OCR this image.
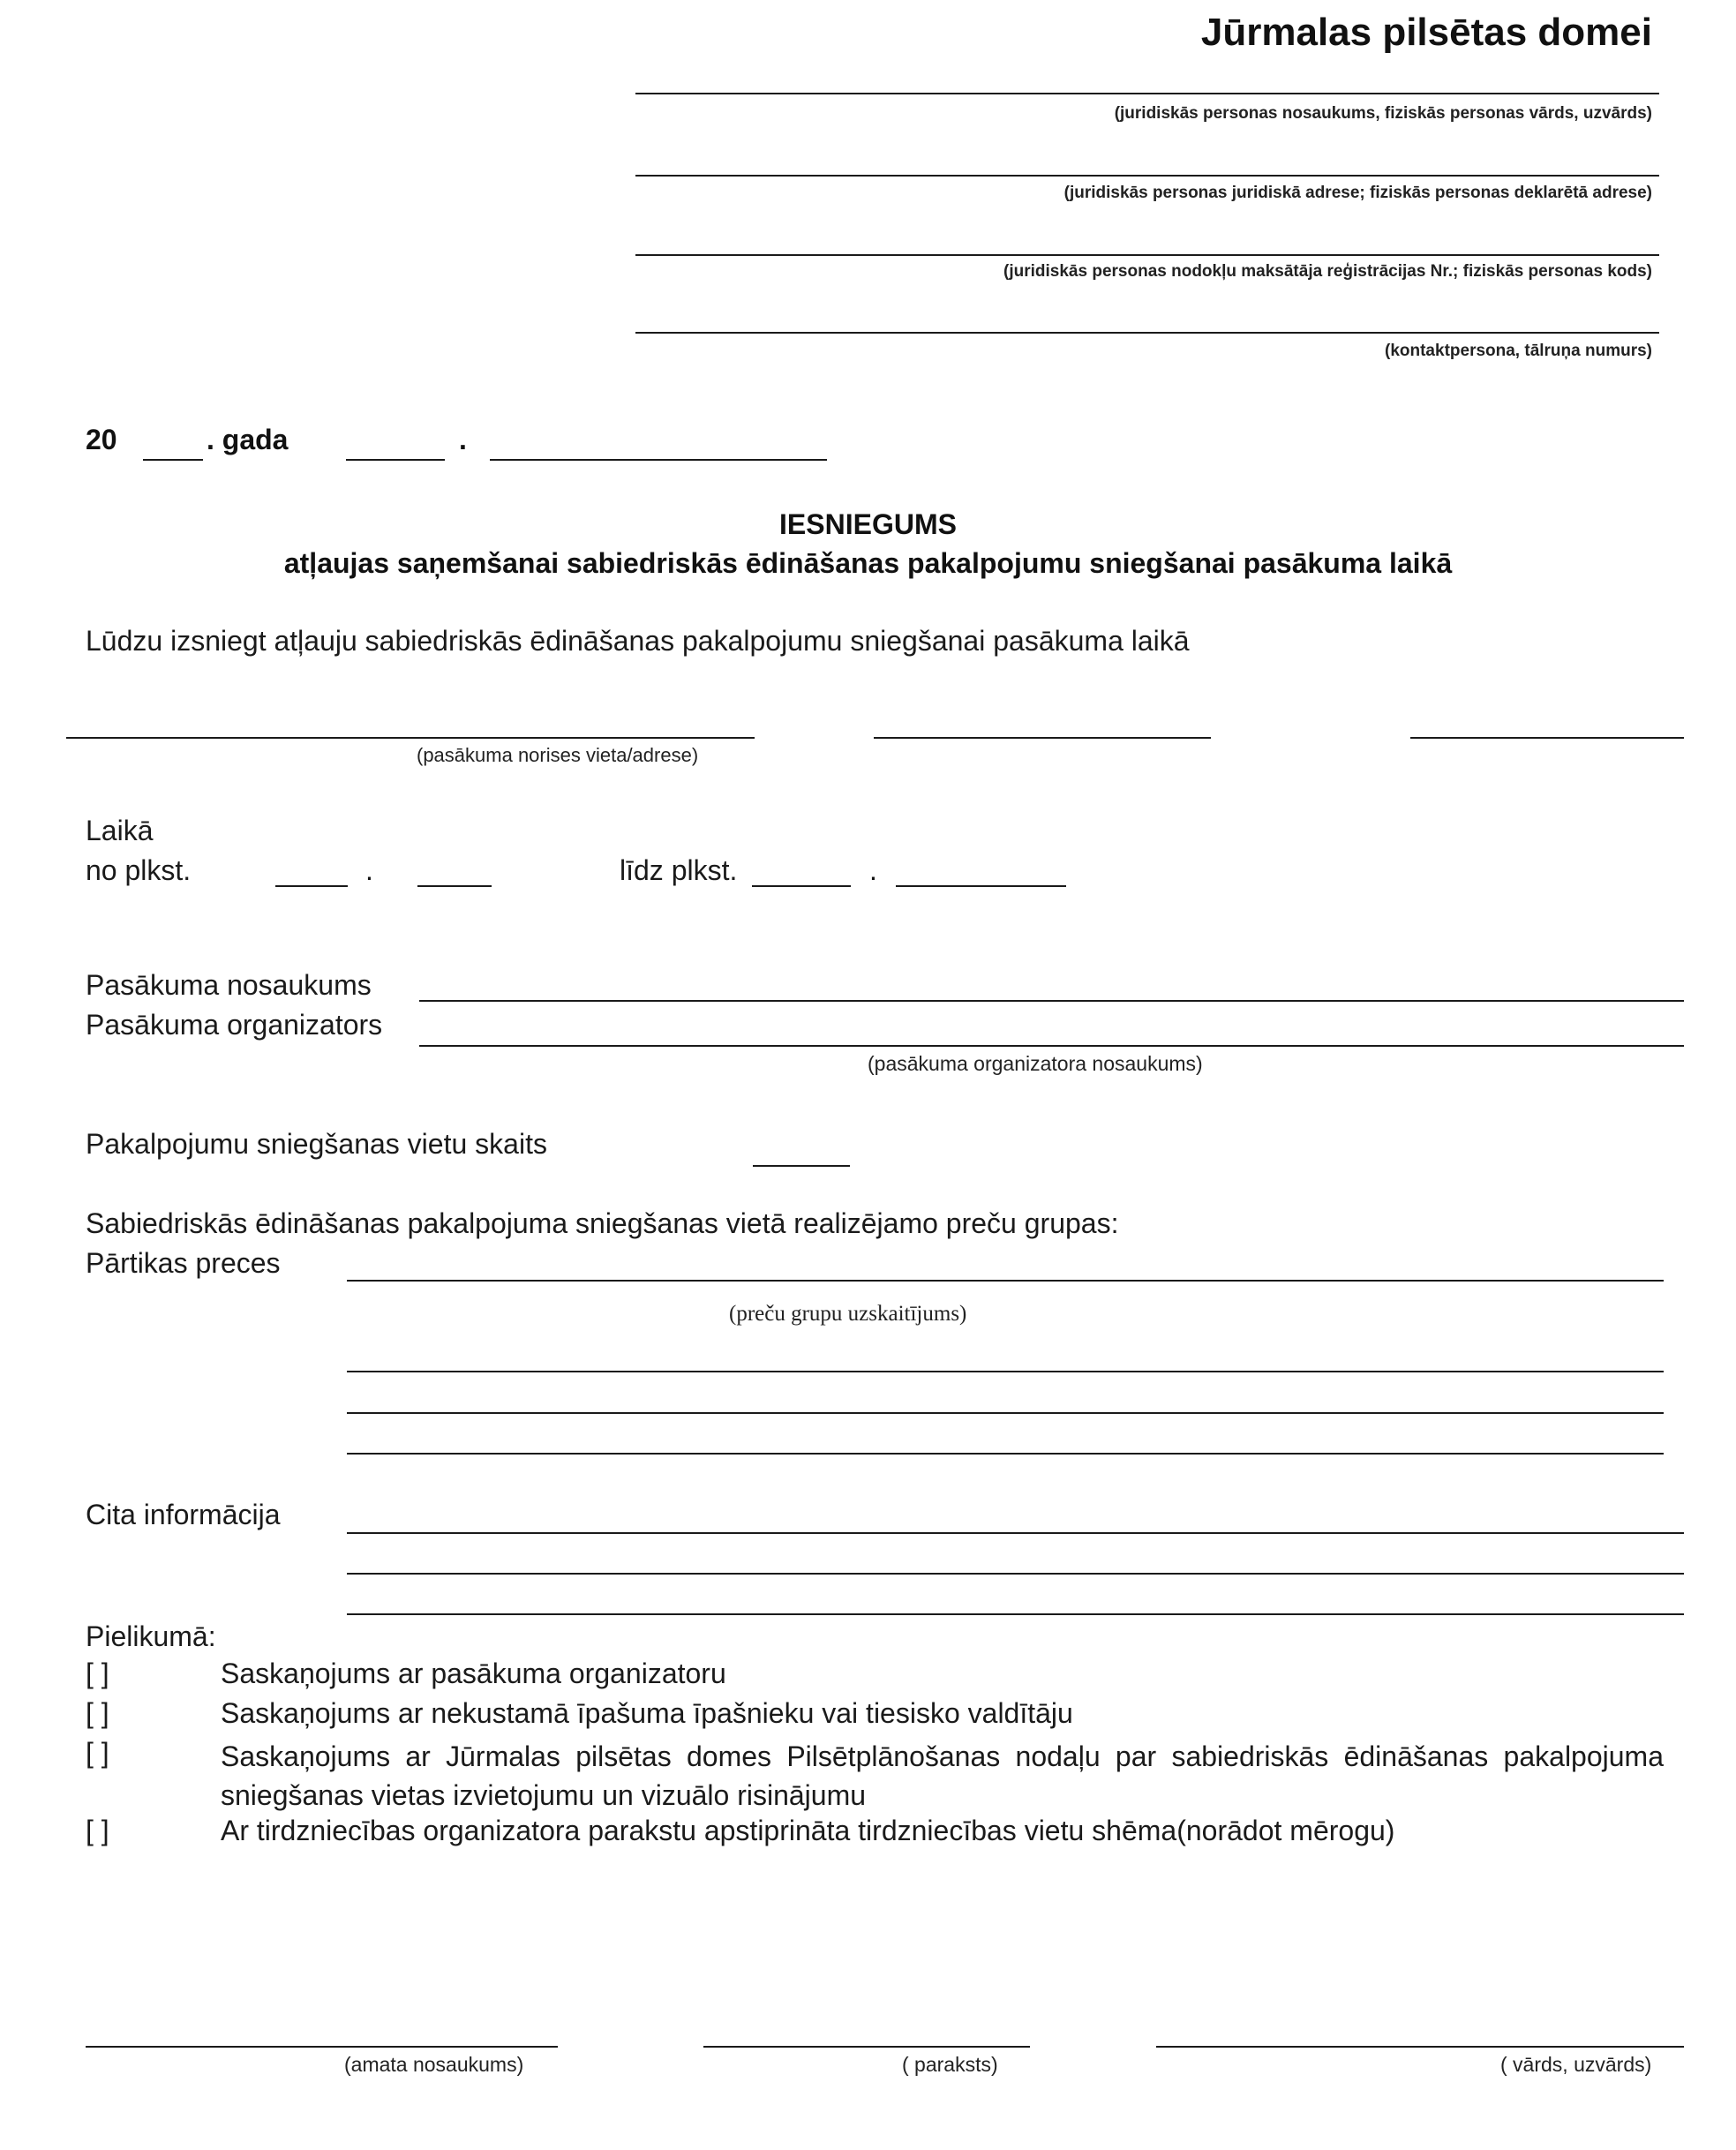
Jūrmalas pilsētas domei
(juridiskās personas nosaukums, fiziskās personas vārds, uzvārds)
(juridiskās personas juridiskā adrese; fiziskās personas deklarētā adrese)
(juridiskās personas nodokļu maksātāja reģistrācijas Nr.; fiziskās personas kods)
(kontaktpersona, tālruņa numurs)
20	. gada	.
IESNIEGUMS
atļaujas saņemšanai sabiedriskās ēdināšanas pakalpojumu sniegšanai pasākuma laikā
Lūdzu izsniegt atļauju sabiedriskās ēdināšanas pakalpojumu sniegšanai pasākuma laikā
(pasākuma norises vieta/adrese)
Laikā
no plkst.	.	līdz plkst.	.
Pasākuma nosaukums
Pasākuma organizators
(pasākuma organizatora nosaukums)
Pakalpojumu sniegšanas vietu skaits
Sabiedriskās ēdināšanas pakalpojuma sniegšanas vietā realizējamo preču grupas:
Pārtikas preces
(preču grupu uzskaitījums)
Cita informācija
Pielikumā:
[ ]	Saskaņojums ar pasākuma organizatoru
[ ]	Saskaņojums ar nekustamā īpašuma īpašnieku vai tiesisko valdītāju
[ ]	Saskaņojums ar Jūrmalas pilsētas domes Pilsētplānošanas nodaļu par sabiedriskās ēdināšanas pakalpojuma sniegšanas vietas izvietojumu un vizuālo risinājumu
[ ]	Ar tirdzniecības organizatora parakstu apstiprināta tirdzniecības vietu shēma(norādot mērogu)
(amata nosaukums)	( paraksts)	( vārds, uzvārds)
